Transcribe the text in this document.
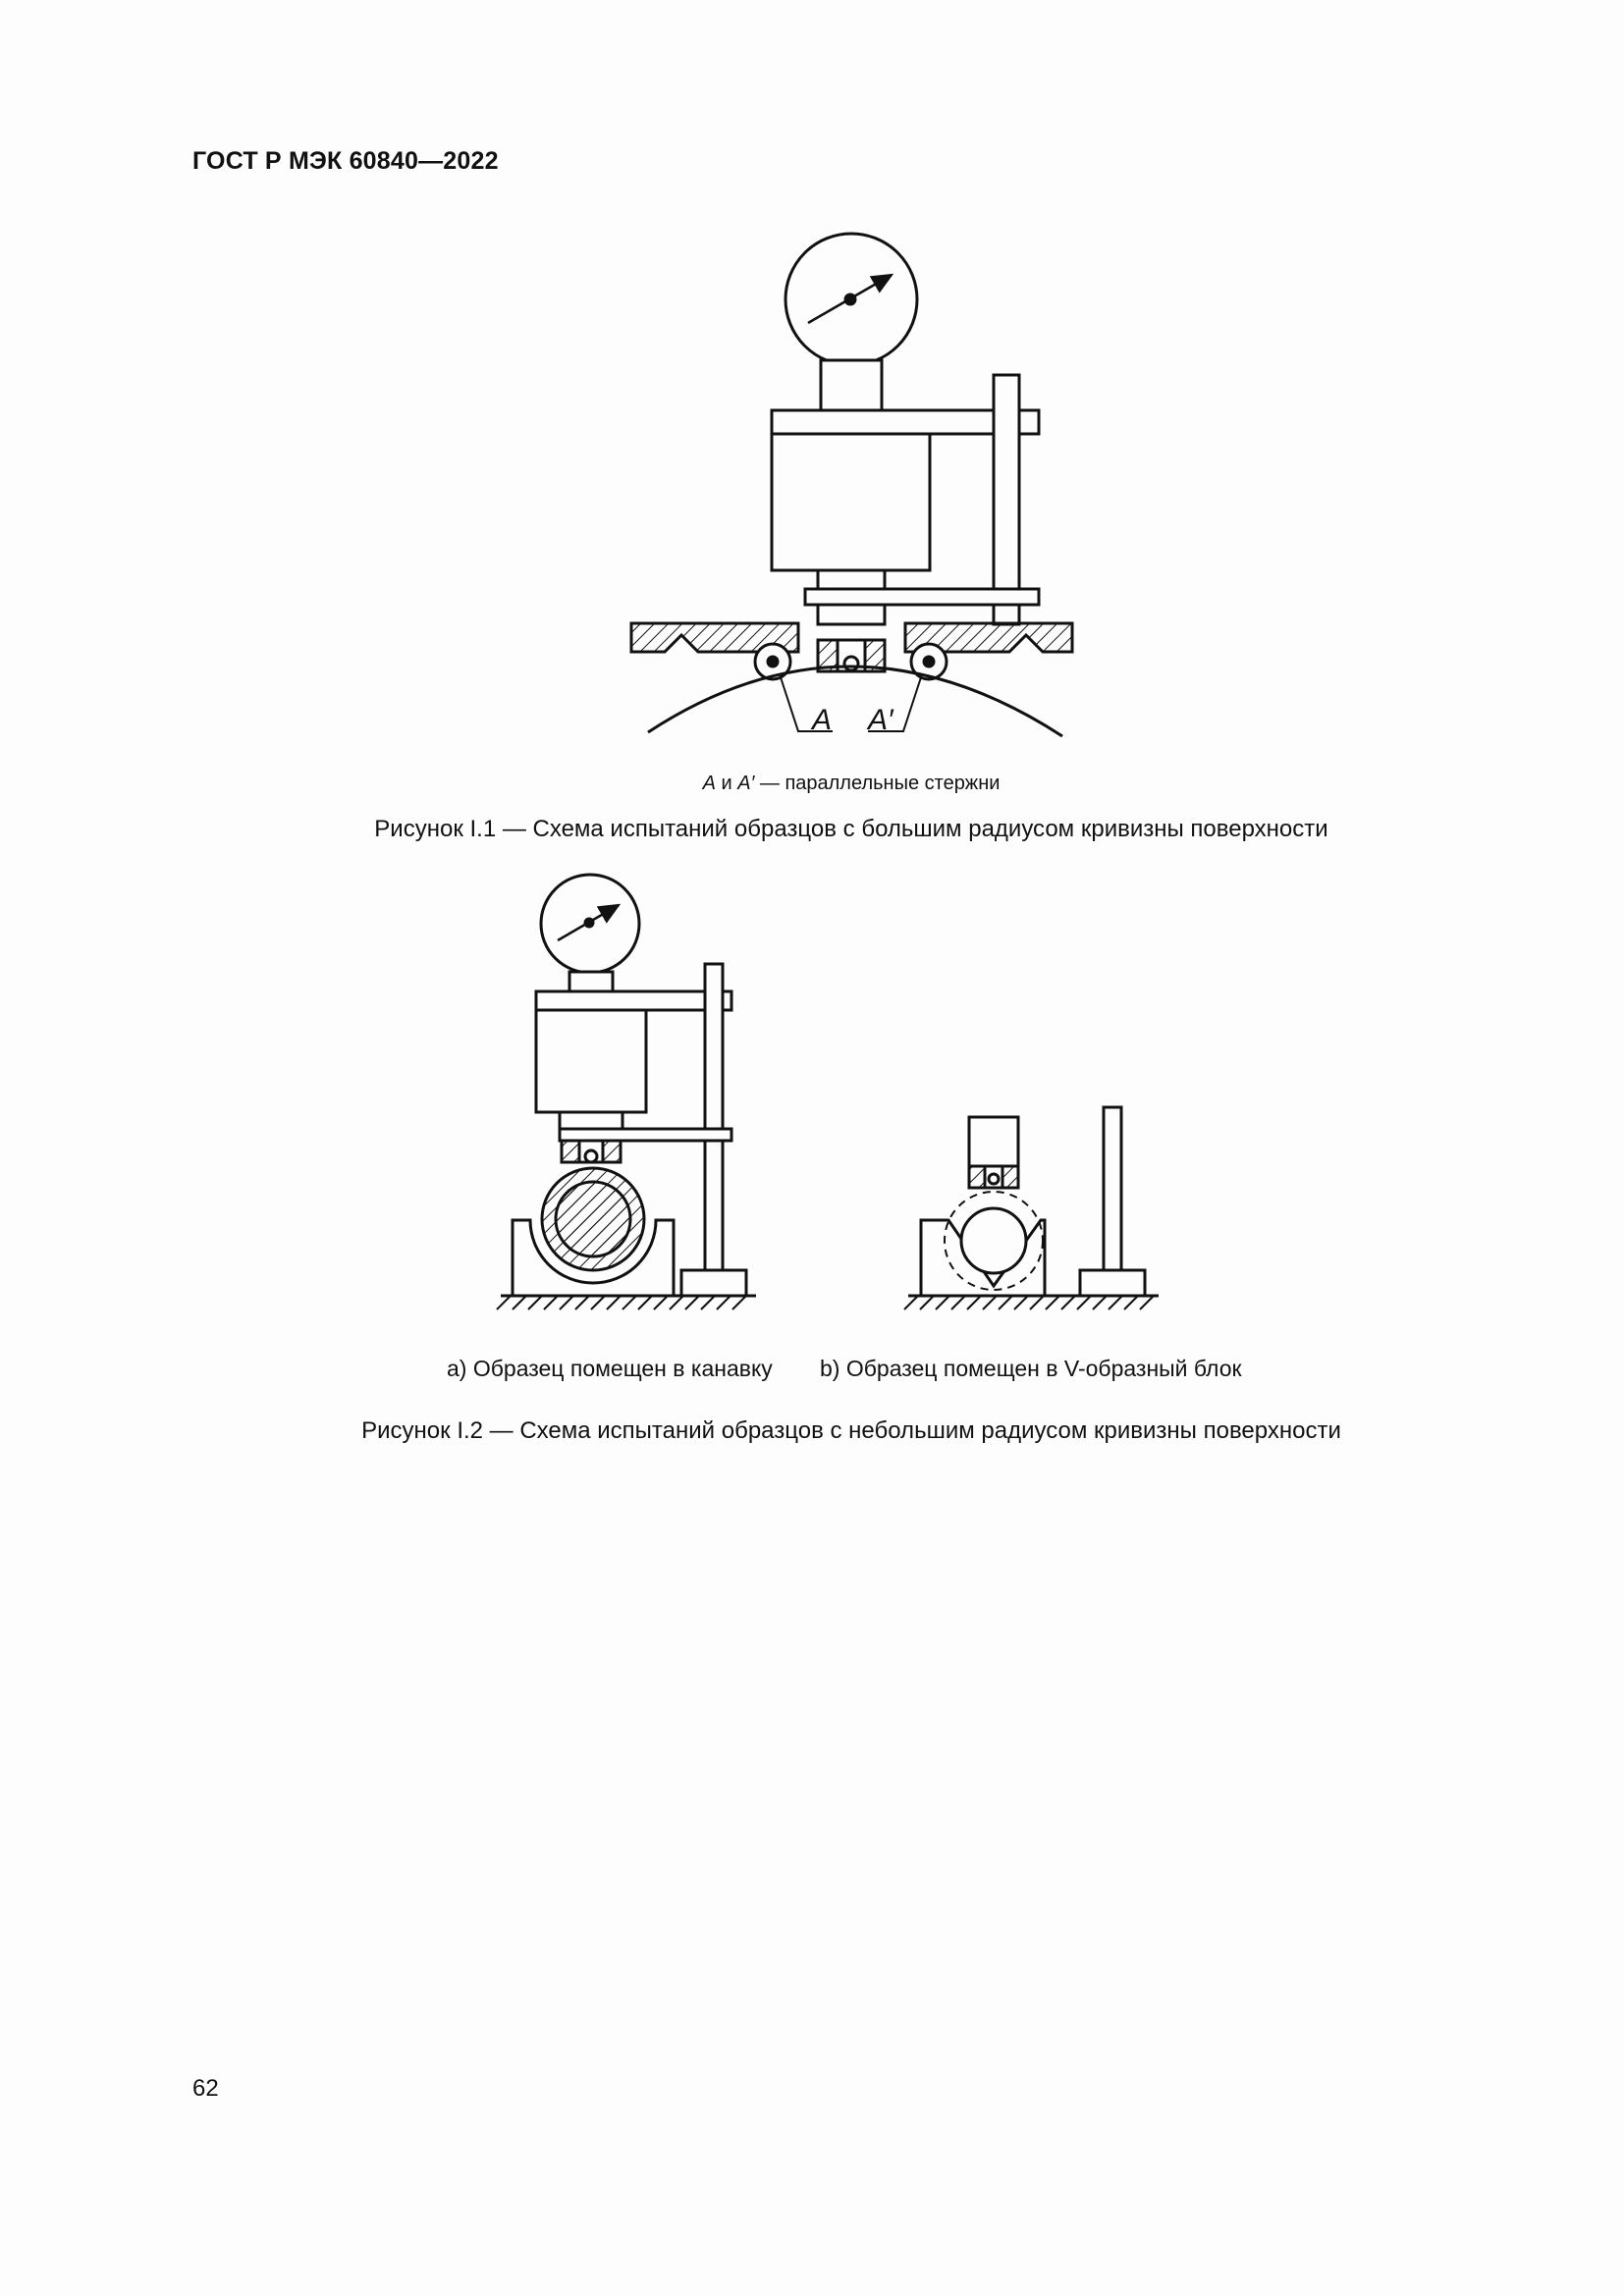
ГОСТ Р МЭК 60840—2022
A A′
A и A′ — параллельные стержни
Рисунок I.1 — Схема испытаний образцов с большим радиусом кривизны поверхности
a) Образец помещен в канавку b) Образец помещен в V-образный блок
Рисунок I.2 — Схема испытаний образцов с небольшим радиусом кривизны поверхности
62
